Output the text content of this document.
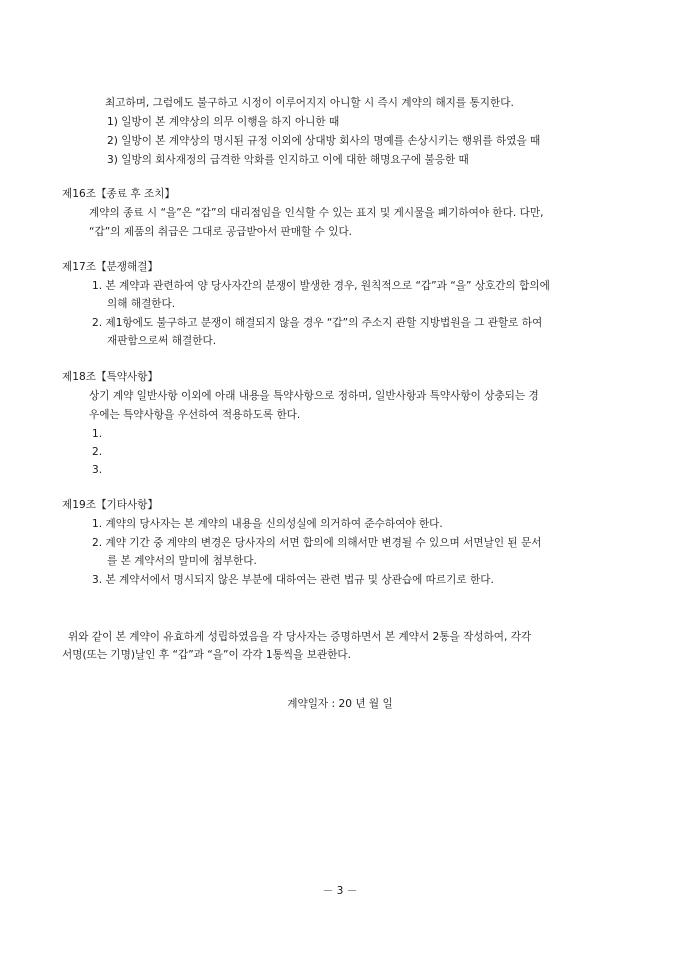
최고하며, 그럼에도 불구하고 시정이 이루어지지 아니할 시 즉시 계약의 해지를 통지한다.
1) 일방이 본 계약상의 의무 이행을 하지 아니한 때
2) 일방이 본 계약상의 명시된 규정 이외에 상대방 회사의 명예를 손상시키는 행위를 하였을 때
3) 일방의 회사재정의 급격한 악화를 인지하고 이에 대한 해명요구에 불응한 때
제16조【종료 후 조치】
계약의 종료 시 “을”은 “갑”의 대리점임을 인식할 수 있는 표지 및 게시물을 폐기하여야 한다. 다만,
“갑”의 제품의 취급은 그대로 공급받아서 판매할 수 있다.
제17조【분쟁해결】
1. 본 계약과 관련하여 양 당사자간의 분쟁이 발생한 경우, 원칙적으로 “갑”과 “을” 상호간의 합의에
의해 해결한다.
2. 제1항에도 불구하고 분쟁이 해결되지 않을 경우 “갑”의 주소지 관할 지방법원을 그 관할로 하여
재판함으로써 해결한다.
제18조【특약사항】
상기 계약 일반사항 이외에 아래 내용을 특약사항으로 정하며, 일반사항과 특약사항이 상충되는 경
우에는 특약사항을 우선하여 적용하도록 한다.
1.
2.
3.
제19조【기타사항】
1. 계약의 당사자는 본 계약의 내용을 신의성실에 의거하여 준수하여야 한다.
2. 계약 기간 중 계약의 변경은 당사자의 서면 합의에 의해서만 변경될 수 있으며 서면날인 된 문서
를 본 계약서의 말미에 첨부한다.
3. 본 계약서에서 명시되지 않은 부분에 대하여는 관련 법규 및 상관습에 따르기로 한다.
위와 같이 본 계약이 유효하게 성립하였음을 각 당사자는 증명하면서 본 계약서 2통을 작성하여, 각각
서명(또는 기명)날인 후 “갑”과 “을”이 각각 1통씩을 보관한다.
계약일자 : 20 년 월 일
－ 3 －
